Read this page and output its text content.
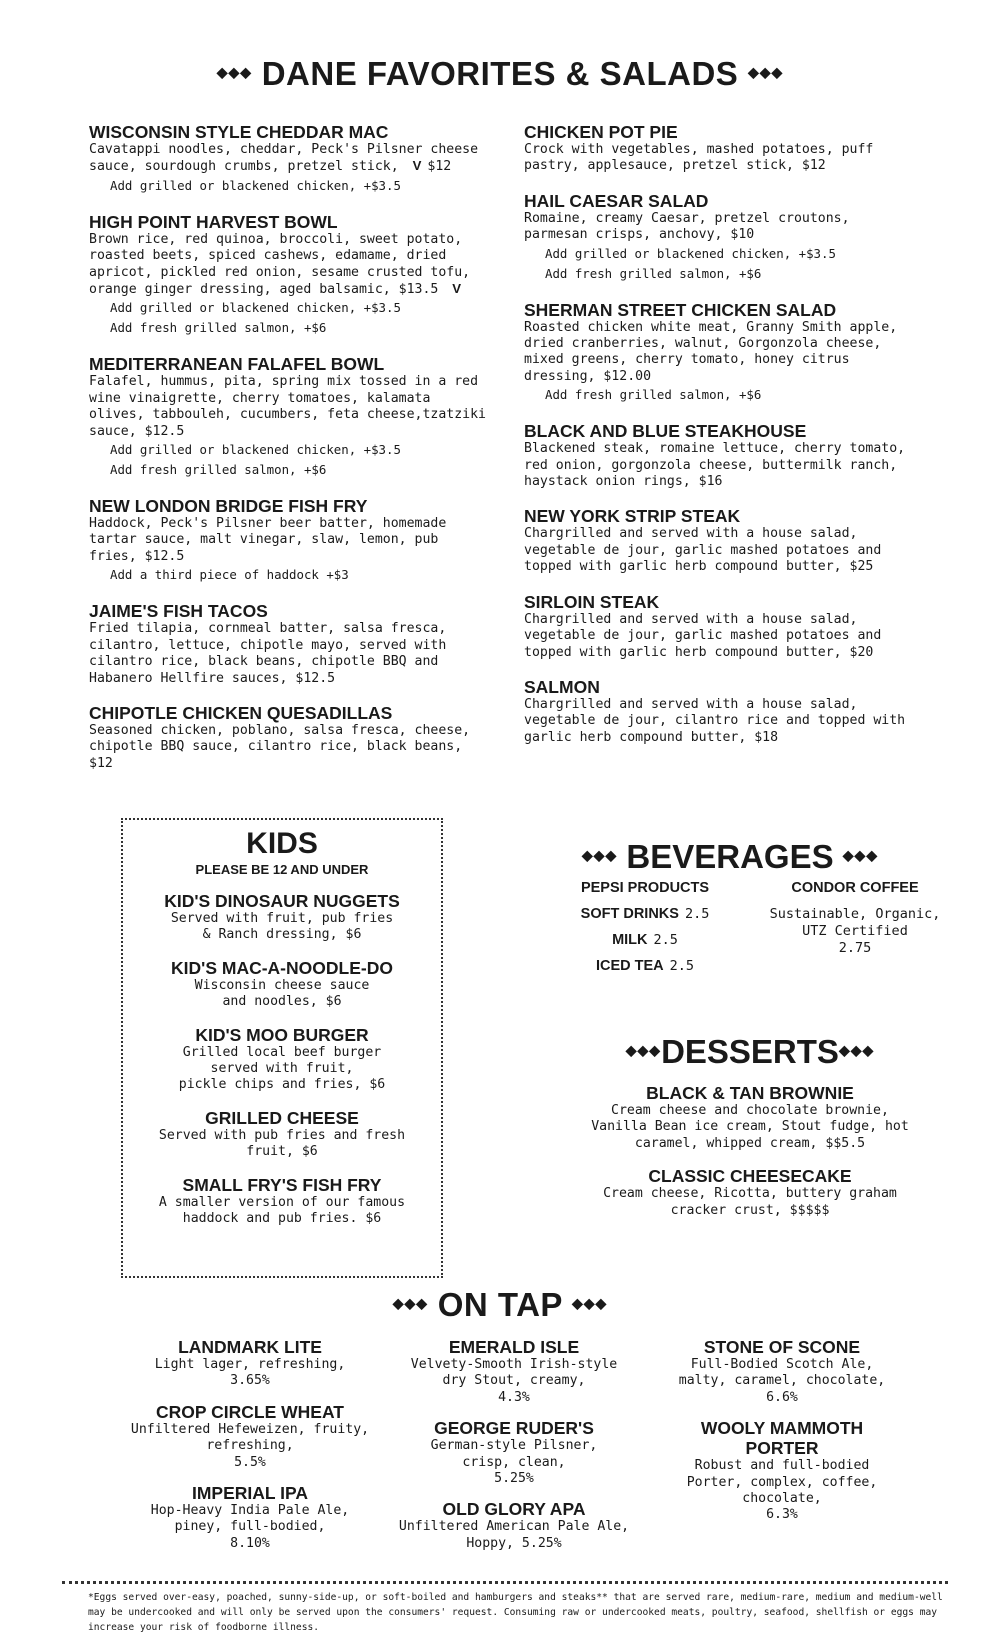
◆◆◆ DANE FAVORITES & SALADS ◆◆◆

WISCONSIN STYLE CHEDDAR MAC

Cavatappi noodles, cheddar, Peck's Pilsner cheese sauce, sourdough crumbs, pretzel stick, V $12

Add grilled or blackened chicken, +$3.5

HIGH POINT HARVEST BOWL

Brown rice, red quinoa, broccoli, sweet potato, roasted beets, spiced cashews, edamame, dried apricot, pickled red onion, sesame crusted tofu, orange ginger dressing, aged balsamic, $13.5 V

Add grilled or blackened chicken, +$3.5

Add fresh grilled salmon, +$6

MEDITERRANEAN FALAFEL BOWL

Falafel, hummus, pita, spring mix tossed in a red wine vinaigrette, cherry tomatoes, kalamata olives, tabbouleh, cucumbers, feta cheese,tzatziki sauce, $12.5

Add grilled or blackened chicken, +$3.5

Add fresh grilled salmon, +$6

NEW LONDON BRIDGE FISH FRY

Haddock, Peck's Pilsner beer batter, homemade tartar sauce, malt vinegar, slaw, lemon, pub fries, $12.5

Add a third piece of haddock +$3

JAIME'S FISH TACOS

Fried tilapia, cornmeal batter, salsa fresca, cilantro, lettuce, chipotle mayo, served with cilantro rice, black beans, chipotle BBQ and Habanero Hellfire sauces, $12.5

CHIPOTLE CHICKEN QUESADILLAS

Seasoned chicken, poblano, salsa fresca, cheese, chipotle BBQ sauce, cilantro rice, black beans, $12

CHICKEN POT PIE

Crock with vegetables, mashed potatoes, puff pastry, applesauce, pretzel stick, $12

HAIL CAESAR SALAD

Romaine, creamy Caesar, pretzel croutons, parmesan crisps, anchovy, $10

Add grilled or blackened chicken, +$3.5

Add fresh grilled salmon, +$6

SHERMAN STREET CHICKEN SALAD

Roasted chicken white meat, Granny Smith apple, dried cranberries, walnut, Gorgonzola cheese, mixed greens, cherry tomato, honey citrus dressing, $12.00

Add fresh grilled salmon, +$6

BLACK AND BLUE STEAKHOUSE

Blackened steak, romaine lettuce, cherry tomato, red onion, gorgonzola cheese, buttermilk ranch, haystack onion rings, $16

NEW YORK STRIP STEAK

Chargrilled and served with a house salad, vegetable de jour, garlic mashed potatoes and topped with garlic herb compound butter, $25

SIRLOIN STEAK

Chargrilled and served with a house salad, vegetable de jour, garlic mashed potatoes and topped with garlic herb compound butter, $20

SALMON

Chargrilled and served with a house salad, vegetable de jour, cilantro rice and topped with garlic herb compound butter, $18

KIDS

PLEASE BE 12 AND UNDER

KID'S DINOSAUR NUGGETS

Served with fruit, pub fries
& Ranch dressing, $6

KID'S MAC-A-NOODLE-DO

Wisconsin cheese sauce
and noodles, $6

KID'S MOO BURGER

Grilled local beef burger
served with fruit,
pickle chips and fries, $6

GRILLED CHEESE

Served with pub fries and fresh
fruit, $6

SMALL FRY'S FISH FRY

A smaller version of our famous
haddock and pub fries. $6

◆◆◆ BEVERAGES ◆◆◆
PEPSI PRODUCTS
SOFT DRINKS 2.5
MILK 2.5
ICED TEA 2.5
CONDOR COFFEE
Sustainable, Organic,
UTZ Certified
2.75
◆◆◆DESSERTS◆◆◆

BLACK & TAN BROWNIE

Cream cheese and chocolate brownie,
Vanilla Bean ice cream, Stout fudge, hot
caramel, whipped cream, $$5.5

CLASSIC CHEESECAKE

Cream cheese, Ricotta, buttery graham
cracker crust, $$$$$

◆◆◆ ON TAP ◆◆◆

LANDMARK LITE

Light lager, refreshing,
3.65%

CROP CIRCLE WHEAT

Unfiltered Hefeweizen, fruity,
refreshing,
5.5%

IMPERIAL IPA

Hop-Heavy India Pale Ale,
piney, full-bodied,
8.10%

EMERALD ISLE

Velvety-Smooth Irish-style
dry Stout, creamy,
4.3%

GEORGE RUDER'S

German-style Pilsner,
crisp, clean,
5.25%

OLD GLORY APA

Unfiltered American Pale Ale,
Hoppy, 5.25%

STONE OF SCONE

Full-Bodied Scotch Ale,
malty, caramel, chocolate,
6.6%

WOOLY MAMMOTH PORTER

Robust and full-bodied
Porter, complex, coffee,
chocolate,
6.3%

*Eggs served over-easy, poached, sunny-side-up, or soft-boiled and hamburgers and steaks** that are served rare, medium-rare, medium and medium-well may be undercooked and will only be served upon the consumers' request. Consuming raw or undercooked meats, poultry, seafood, shellfish or eggs may increase your risk of foodborne illness.
